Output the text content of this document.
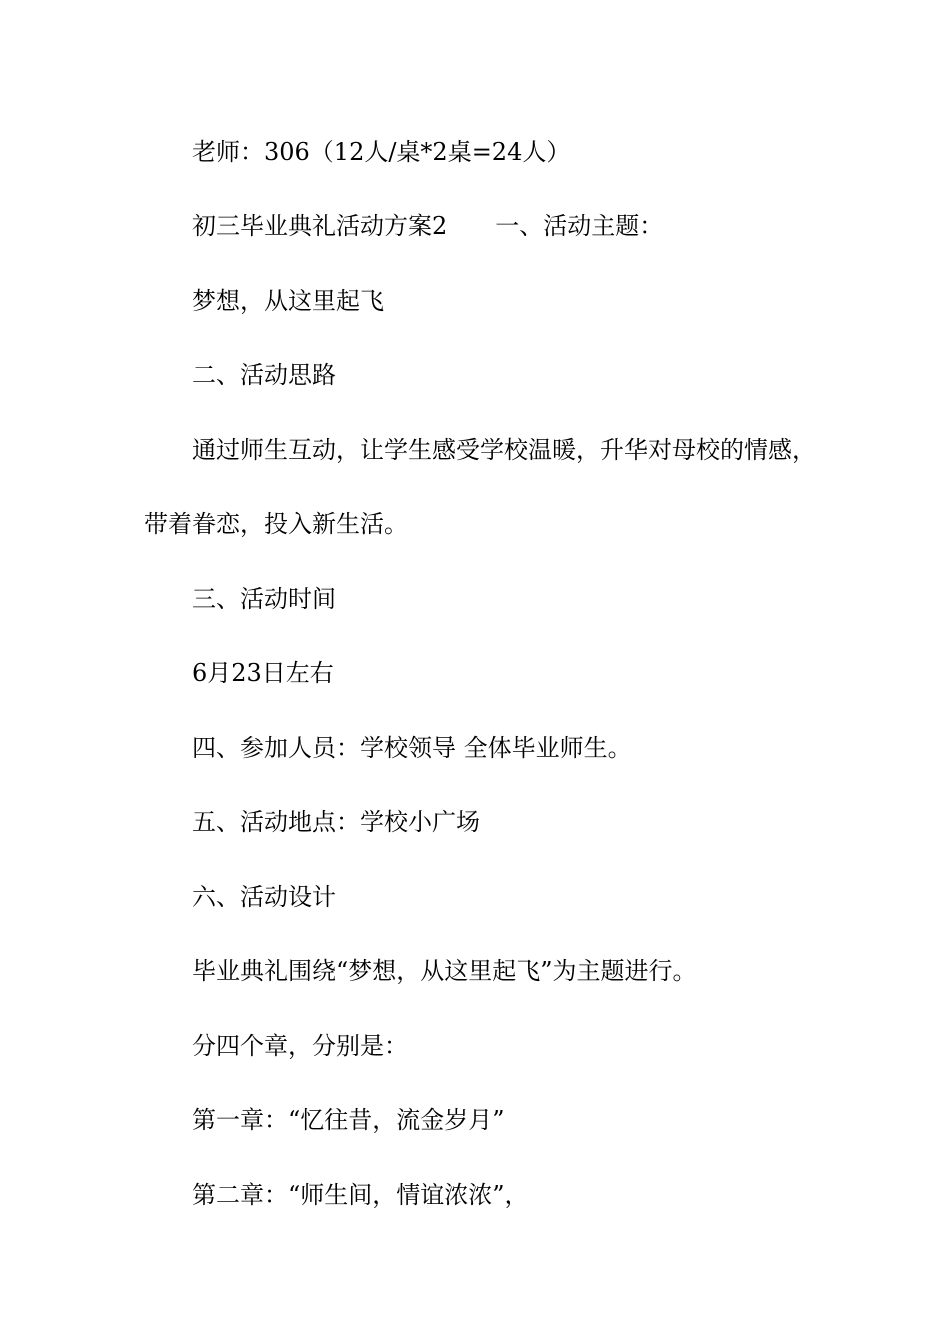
老师：306（12人/桌*2桌=24人）
初三毕业典礼活动方案2 一、活动主题：
梦想，从这里起飞
二、活动思路
通过师生互动，让学生感受学校温暖，升华对母校的情感，
带着眷恋，投入新生活。
三、活动时间
6月23日左右
四、参加人员：学校领导 全体毕业师生。
五、活动地点：学校小广场
六、活动设计
毕业典礼围绕“梦想，从这里起飞”为主题进行。
分四个章，分别是：
第一章：“忆往昔，流金岁月”
第二章：“师生间，情谊浓浓”，
